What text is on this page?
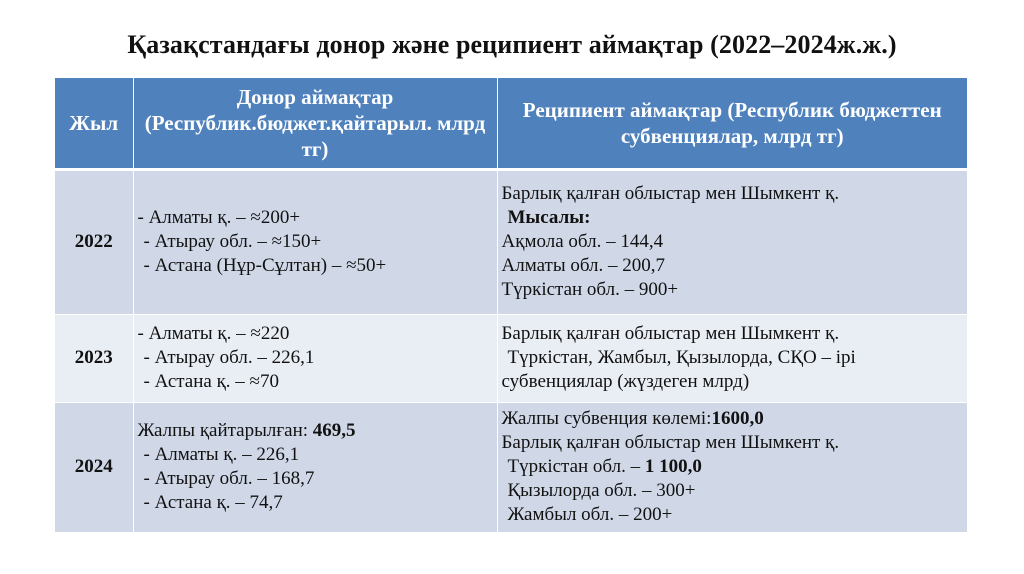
Қазақстандағы донор және реципиент аймақтар (2022–2024ж.ж.)
Жыл	Донор аймақтар (Республик.бюджет.қайтарыл. млрд тг)	Реципиент аймақтар (Республик бюджеттен субвенциялар, млрд тг)
2022	- Алматы қ. – ≈200+
- Атырау обл. – ≈150+
- Астана (Нұр-Сұлтан) – ≈50+	Барлық қалған облыстар мен Шымкент қ.
Мысалы:
Ақмола обл. – 144,4
Алматы обл. – 200,7
Түркістан обл. – 900+

2023	- Алматы қ. – ≈220
- Атырау обл. – 226,1
- Астана қ. – ≈70	Барлық қалған облыстар мен Шымкент қ.
Түркістан, Жамбыл, Қызылорда, СҚО – ірі
субвенциялар (жүздеген млрд)

2024	Жалпы қайтарылған: 469,5
- Алматы қ. – 226,1
- Атырау обл. – 168,7
- Астана қ. – 74,7	Жалпы субвенция көлемі:1600,0
Барлық қалған облыстар мен Шымкент қ.
Түркістан обл. – 1 100,0
Қызылорда обл. – 300+
Жамбыл обл. – 200+
